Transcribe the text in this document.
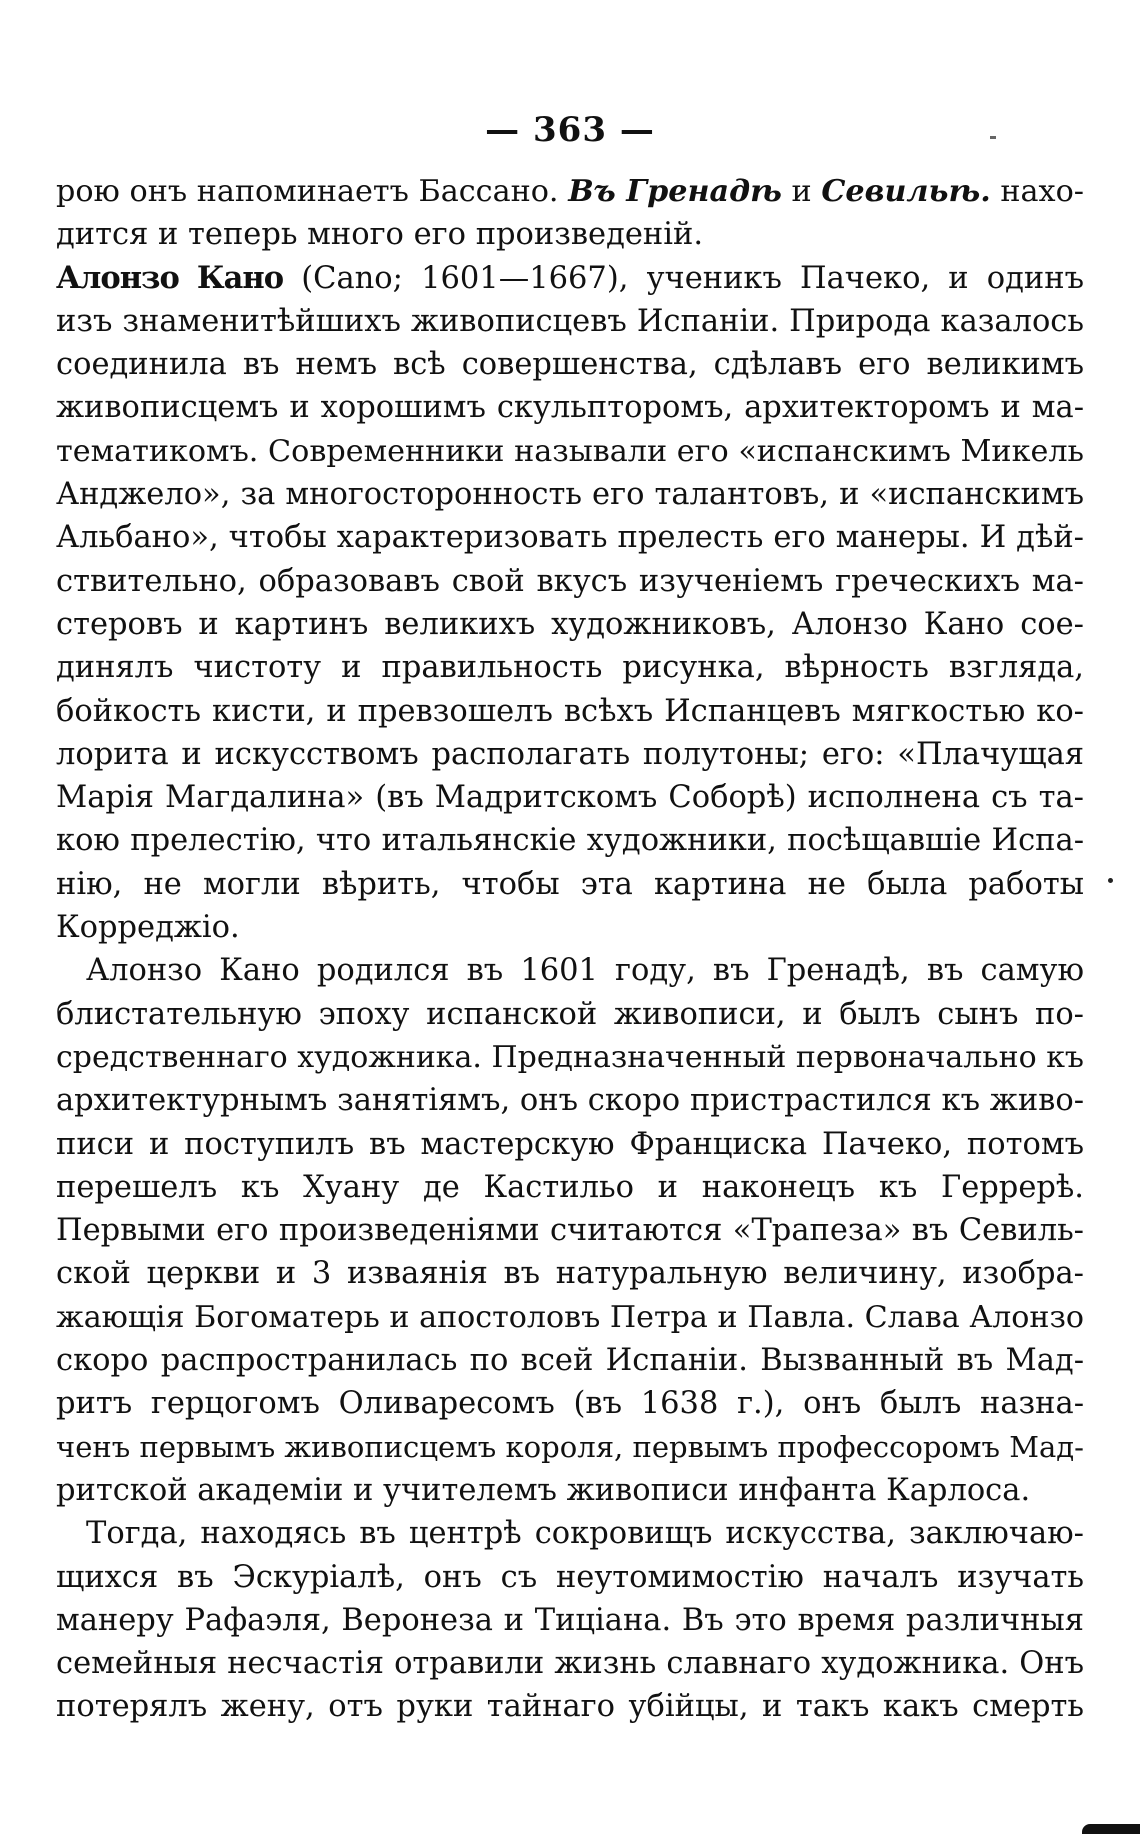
— 363 —
рою онъ напоминаетъ Бассано. Въ Гренадѣ и Севильѣ. нахо-
дится и теперь много его произведеній.
Алонзо Кано (Cano; 1601—1667), ученикъ Пачеко, и одинъ
изъ знаменитѣйшихъ живописцевъ Испаніи. Природа казалось
соединила въ немъ всѣ совершенства, сдѣлавъ его великимъ
живописцемъ и хорошимъ скульпторомъ, архитекторомъ и ма-
тематикомъ. Современники называли его «испанскимъ Микель
Анджело», за многосторонность его талантовъ, и «испанскимъ
Альбано», чтобы характеризовать прелесть его манеры. И дѣй-
ствительно, образовавъ свой вкусъ изученіемъ греческихъ ма-
стеровъ и картинъ великихъ художниковъ, Алонзо Кано сое-
динялъ чистоту и правильность рисунка, вѣрность взгляда,
бойкость кисти, и превзошелъ всѣхъ Испанцевъ мягкостью ко-
лорита и искусствомъ располагать полутоны; его: «Плачущая
Марія Магдалина» (въ Мадритскомъ Соборѣ) исполнена съ та-
кою прелестію, что итальянскіе художники, посѣщавшіе Испа-
нію, не могли вѣрить, чтобы эта картина не была работы
Корреджіо.
Алонзо Кано родился въ 1601 году, въ Гренадѣ, въ самую
блистательную эпоху испанской живописи, и былъ сынъ по-
средственнаго художника. Предназначенный первоначально къ
архитектурнымъ занятіямъ, онъ скоро пристрастился къ живо-
писи и поступилъ въ мастерскую Франциска Пачеко, потомъ
перешелъ къ Хуану де Кастильо и наконецъ къ Геррерѣ.
Первыми его произведеніями считаются «Трапеза» въ Севиль-
ской церкви и 3 изваянія въ натуральную величину, изобра-
жающія Богоматерь и апостоловъ Петра и Павла. Слава Алонзо
скоро распространилась по всей Испаніи. Вызванный въ Мад-
ритъ герцогомъ Оливаресомъ (въ 1638 г.), онъ былъ назна-
ченъ первымъ живописцемъ короля, первымъ профессоромъ Мад-
ритской академіи и учителемъ живописи инфанта Карлоса.
Тогда, находясь въ центрѣ сокровищъ искусства, заключаю-
щихся въ Эскуріалѣ, онъ съ неутомимостію началъ изучать
манеру Рафаэля, Веронеза и Тиціана. Въ это время различныя
семейныя несчастія отравили жизнь славнаго художника. Онъ
потерялъ жену, отъ руки тайнаго убійцы, и такъ какъ смерть
